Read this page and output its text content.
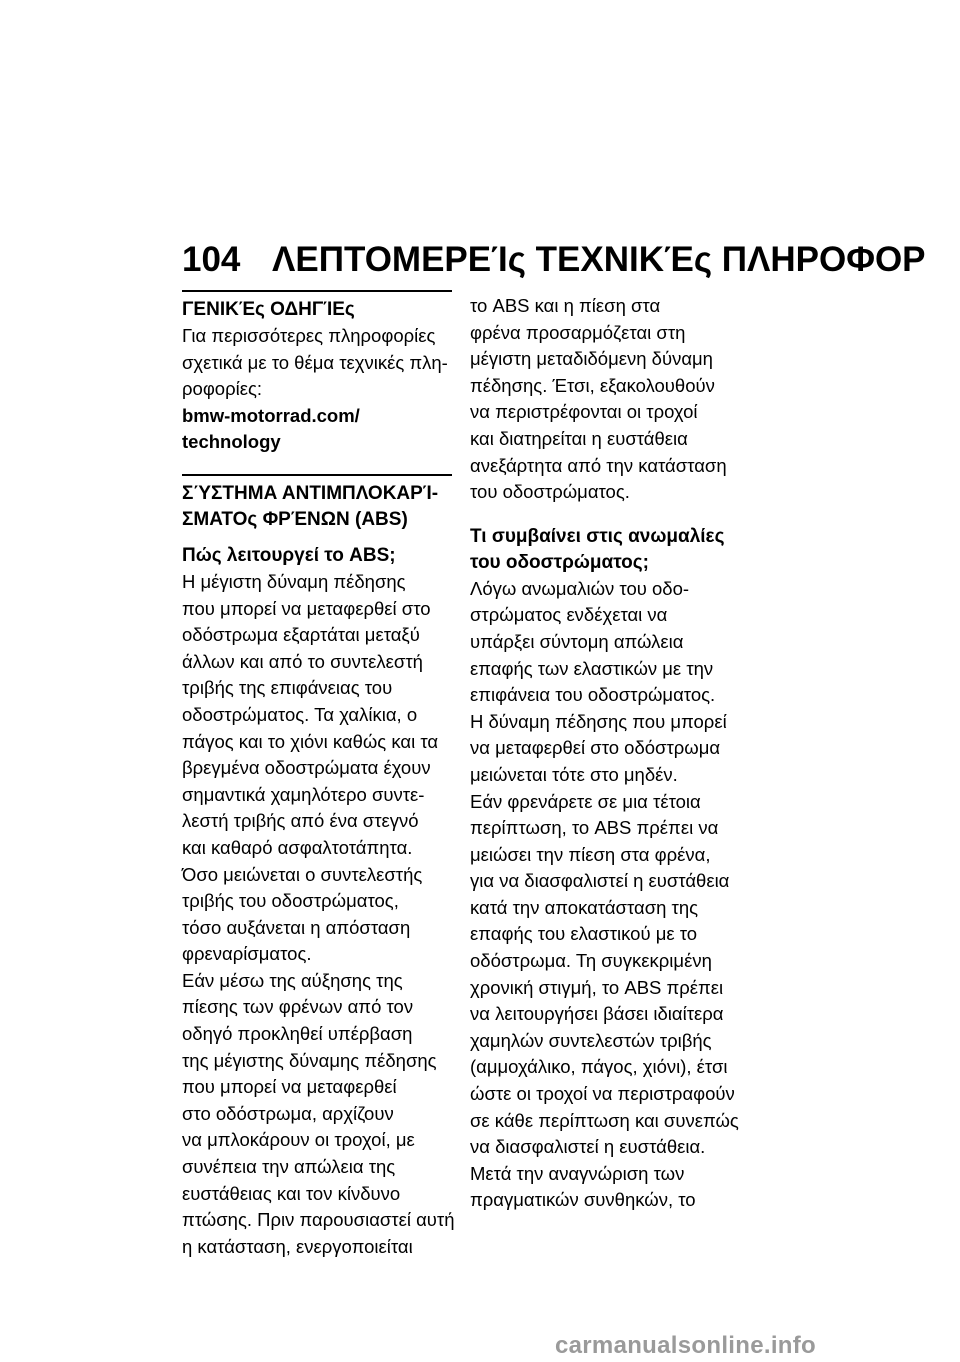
104 ΛΕΠΤΟΜΕΡΕΊς ΤΕΧΝΙΚΈς ΠΛΗΡΟΦΟΡ
ΓΕΝΙΚΈς ΟΔΗΓΊΕς
Για περισσότερες πληροφορίες
σχετικά με το θέμα τεχνικές πλη-
ροφορίες:
bmw-motorrad.com/
technology
ΣΎΣΤΗΜΑ ΑΝΤΙΜΠΛΟΚΑΡΊ-
ΣΜΑΤΟς ΦΡΈΝΩΝ (ABS)
Πώς λειτουργεί το ABS;
Η μέγιστη δύναμη πέδησης
που μπορεί να μεταφερθεί στο
οδόστρωμα εξαρτάται μεταξύ
άλλων και από το συντελεστή
τριβής της επιφάνειας του
οδοστρώματος. Τα χαλίκια, ο
πάγος και το χιόνι καθώς και τα
βρεγμένα οδοστρώματα έχουν
σημαντικά χαμηλότερο συντε-
λεστή τριβής από ένα στεγνό
και καθαρό ασφαλτοτάπητα.
Όσο μειώνεται ο συντελεστής
τριβής του οδοστρώματος,
τόσο αυξάνεται η απόσταση
φρεναρίσματος.
Εάν μέσω της αύξησης της
πίεσης των φρένων από τον
οδηγό προκληθεί υπέρβαση
της μέγιστης δύναμης πέδησης
που μπορεί να μεταφερθεί
στο οδόστρωμα, αρχίζουν
να μπλοκάρουν οι τροχοί, με
συνέπεια την απώλεια της
ευστάθειας και τον κίνδυνο
πτώσης. Πριν παρουσιαστεί αυτή
η κατάσταση, ενεργοποιείται
το ABS και η πίεση στα
φρένα προσαρμόζεται στη
μέγιστη μεταδιδόμενη δύναμη
πέδησης. Έτσι, εξακολουθούν
να περιστρέφονται οι τροχοί
και διατηρείται η ευστάθεια
ανεξάρτητα από την κατάσταση
του οδοστρώματος.
Τι συμβαίνει στις ανωμαλίες
του οδοστρώματος;
Λόγω ανωμαλιών του οδο-
στρώματος ενδέχεται να
υπάρξει σύντομη απώλεια
επαφής των ελαστικών με την
επιφάνεια του οδοστρώματος.
Η δύναμη πέδησης που μπορεί
να μεταφερθεί στο οδόστρωμα
μειώνεται τότε στο μηδέν.
Εάν φρενάρετε σε μια τέτοια
περίπτωση, το ABS πρέπει να
μειώσει την πίεση στα φρένα,
για να διασφαλιστεί η ευστάθεια
κατά την αποκατάσταση της
επαφής του ελαστικού με το
οδόστρωμα. Τη συγκεκριμένη
χρονική στιγμή, το ABS πρέπει
να λειτουργήσει βάσει ιδιαίτερα
χαμηλών συντελεστών τριβής
(αμμοχάλικο, πάγος, χιόνι), έτσι
ώστε οι τροχοί να περιστραφούν
σε κάθε περίπτωση και συνεπώς
να διασφαλιστεί η ευστάθεια.
Μετά την αναγνώριση των
πραγματικών συνθηκών, το
carmanualsonline.info
